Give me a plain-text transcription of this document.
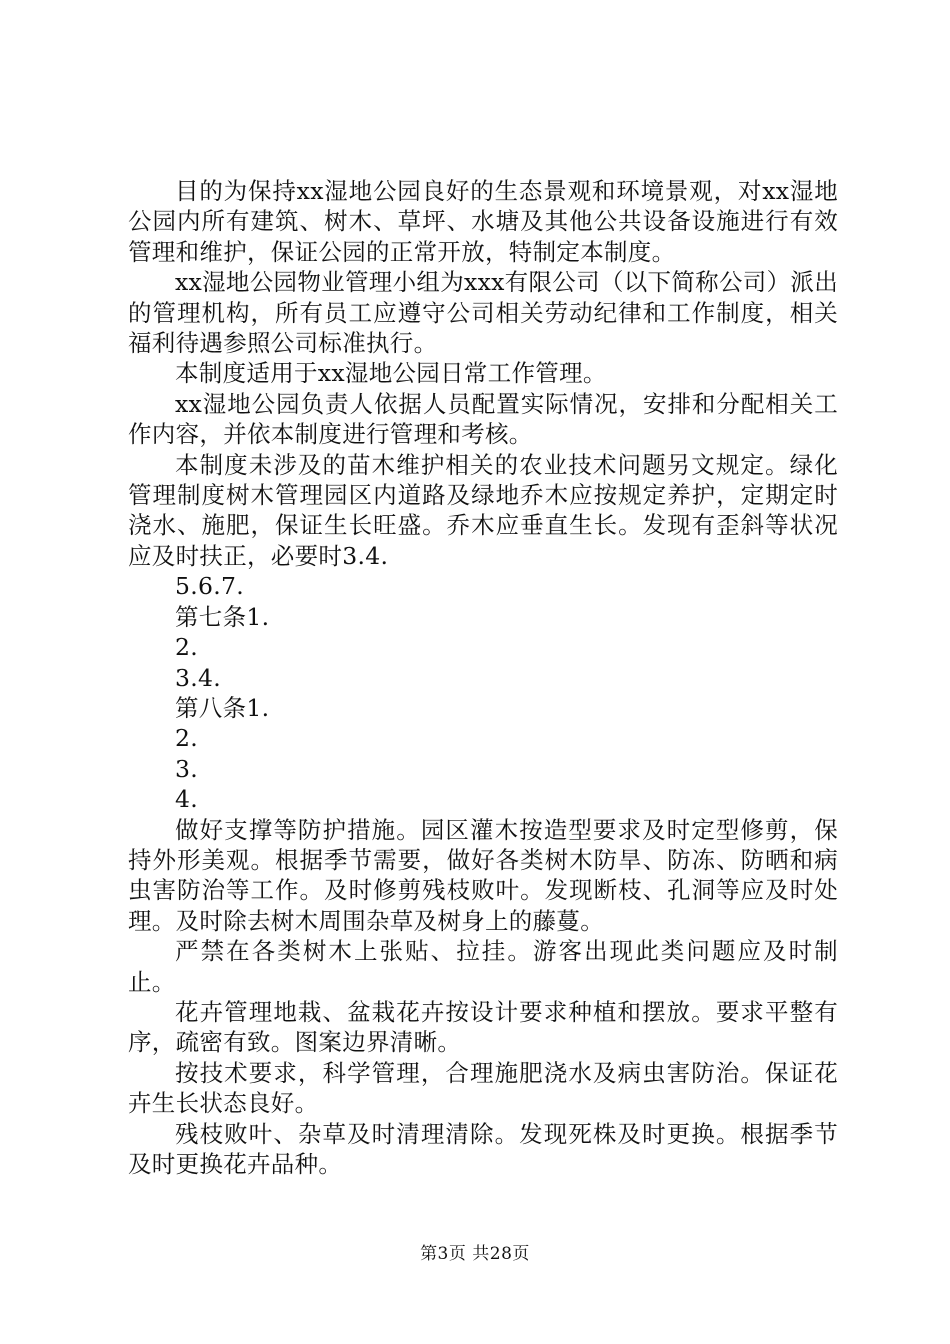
目的为保持xx湿地公园良好的生态景观和环境景观，对xx湿地公园内所有建筑、树木、草坪、水塘及其他公共设备设施进行有效管理和维护，保证公园的正常开放，特制定本制度。

xx湿地公园物业管理小组为xxx有限公司（以下简称公司）派出的管理机构，所有员工应遵守公司相关劳动纪律和工作制度，相关福利待遇参照公司标准执行。

本制度适用于xx湿地公园日常工作管理。

xx湿地公园负责人依据人员配置实际情况，安排和分配相关工作内容，并依本制度进行管理和考核。

本制度未涉及的苗木维护相关的农业技术问题另文规定。绿化管理制度树木管理园区内道路及绿地乔木应按规定养护，定期定时浇水、施肥，保证生长旺盛。乔木应垂直生长。发现有歪斜等状况应及时扶正，必要时3.4.

5.6.7.

第七条1.

2.

3.4.

第八条1.

2.

3.

4.

做好支撑等防护措施。园区灌木按造型要求及时定型修剪，保持外形美观。根据季节需要，做好各类树木防旱、防冻、防晒和病虫害防治等工作。及时修剪残枝败叶。发现断枝、孔洞等应及时处理。及时除去树木周围杂草及树身上的藤蔓。

严禁在各类树木上张贴、拉挂。游客出现此类问题应及时制止。

花卉管理地栽、盆栽花卉按设计要求种植和摆放。要求平整有序，疏密有致。图案边界清晰。

按技术要求，科学管理，合理施肥浇水及病虫害防治。保证花卉生长状态良好。

残枝败叶、杂草及时清理清除。发现死株及时更换。根据季节及时更换花卉品种。

第3页 共28页
